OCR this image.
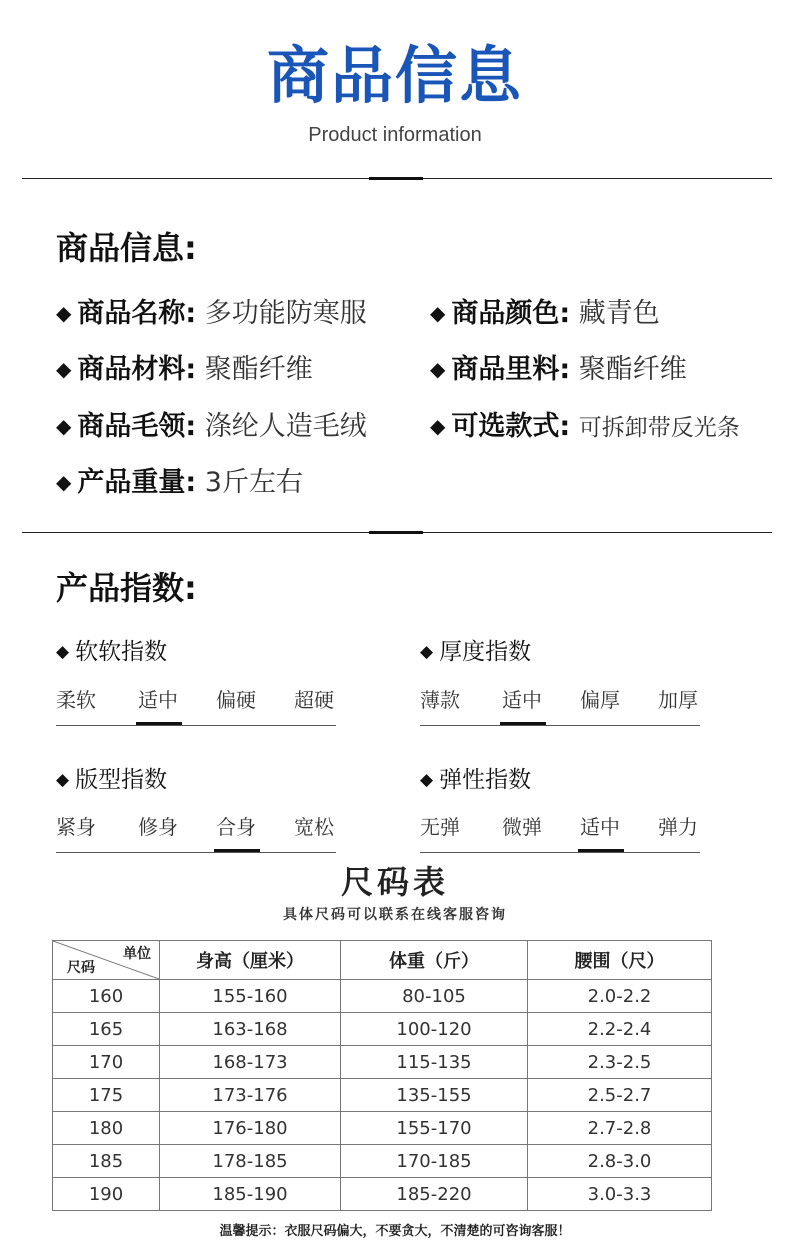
商品信息
Product information
商品信息:
◆ 商品名称: 多功能防寒服	◆ 商品颜色: 藏青色
◆ 商品材料: 聚酯纤维	◆ 商品里料: 聚酯纤维
◆ 商品毛领: 涤纶人造毛绒	◆ 可选款式: 可拆卸带反光条
◆ 产品重量: 3斤左右
产品指数:
◆ 软软指数
柔软	适中	偏硬	超硬
◆ 厚度指数
薄款	适中	偏厚	加厚
◆ 版型指数
紧身	修身	合身	宽松
◆ 弹性指数
无弹	微弹	适中	弹力
尺码表
具体尺码可以联系在线客服咨询
单位
尺码	身高（厘米）	体重（斤）	腰围（尺）
160	155-160	80-105	2.0-2.2
165	163-168	100-120	2.2-2.4
170	168-173	115-135	2.3-2.5
175	173-176	135-155	2.5-2.7
180	176-180	155-170	2.7-2.8
185	178-185	170-185	2.8-3.0
190	185-190	185-220	3.0-3.3
温馨提示：衣服尺码偏大，不要贪大，不清楚的可咨询客服！
